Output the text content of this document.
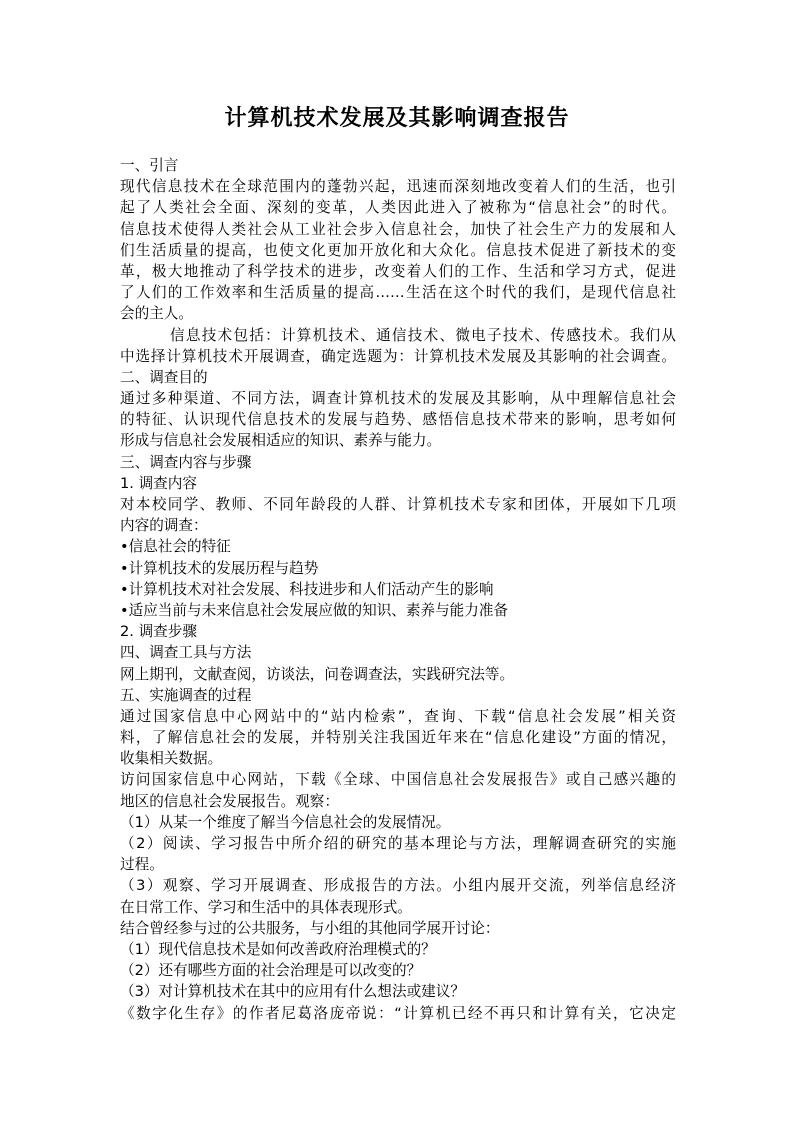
计算机技术发展及其影响调查报告
一、引言
现代信息技术在全球范围内的蓬勃兴起，迅速而深刻地改变着人们的生活，也引
起了人类社会全面、深刻的变革，人类因此进入了被称为“信息社会”的时代。
信息技术使得人类社会从工业社会步入信息社会，加快了社会生产力的发展和人
们生活质量的提高，也使文化更加开放化和大众化。信息技术促进了新技术的变
革，极大地推动了科学技术的进步，改变着人们的工作、生活和学习方式，促进
了人们的工作效率和生活质量的提高……生活在这个时代的我们，是现代信息社
会的主人。
信息技术包括：计算机技术、通信技术、微电子技术、传感技术。我们从
中选择计算机技术开展调查，确定选题为：计算机技术发展及其影响的社会调查。
二、调查目的
通过多种渠道、不同方法，调查计算机技术的发展及其影响，从中理解信息社会
的特征、认识现代信息技术的发展与趋势、感悟信息技术带来的影响，思考如何
形成与信息社会发展相适应的知识、素养与能力。
三、调查内容与步骤
1. 调查内容
对本校同学、教师、不同年龄段的人群、计算机技术专家和团体，开展如下几项
内容的调查：
•信息社会的特征
•计算机技术的发展历程与趋势
•计算机技术对社会发展、科技进步和人们活动产生的影响
•适应当前与未来信息社会发展应做的知识、素养与能力准备
2. 调查步骤
四、调查工具与方法
网上期刊，文献查阅，访谈法，问卷调查法，实践研究法等。
五、实施调查的过程
通过国家信息中心网站中的“站内检索”，查询、下载“信息社会发展”相关资
料，了解信息社会的发展，并特别关注我国近年来在“信息化建设”方面的情况，
收集相关数据。
访问国家信息中心网站，下载《全球、中国信息社会发展报告》或自己感兴趣的
地区的信息社会发展报告。观察：
（1）从某一个维度了解当今信息社会的发展情况。
（2）阅读、学习报告中所介绍的研究的基本理论与方法，理解调查研究的实施
过程。
（3）观察、学习开展调查、形成报告的方法。小组内展开交流，列举信息经济
在日常工作、学习和生活中的具体表现形式。
结合曾经参与过的公共服务，与小组的其他同学展开讨论：
（1）现代信息技术是如何改善政府治理模式的？
（2）还有哪些方面的社会治理是可以改变的？
（3）对计算机技术在其中的应用有什么想法或建议？
《数字化生存》的作者尼葛洛庞帝说：“计算机已经不再只和计算有关，它决定
